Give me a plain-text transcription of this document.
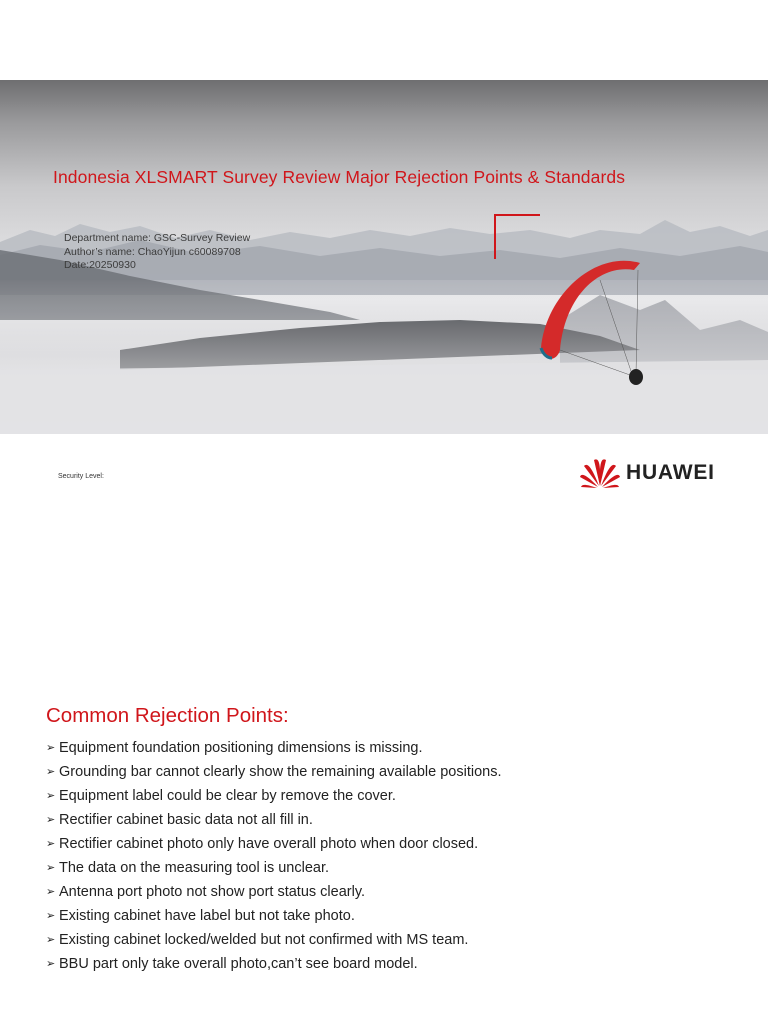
Indonesia XLSMART Survey Review Major Rejection Points & Standards
Department name: GSC-Survey Review
Author’s name: ChaoYijun c60089708
Date:20250930
Security Level:	HUAWEI
Common Rejection Points:
➢ Equipment foundation positioning dimensions is missing.
➢ Grounding bar cannot clearly show the remaining available positions.
➢ Equipment label could be clear by remove the cover.
➢ Rectifier cabinet basic data not all fill in.
➢ Rectifier cabinet photo only have overall photo when door closed.
➢ The data on the measuring tool is unclear.
➢ Antenna port photo not show port status clearly.
➢ Existing cabinet have label but not take photo.
➢ Existing cabinet locked/welded but not confirmed with MS team.
➢ BBU part only take overall photo,can’t see board model.
